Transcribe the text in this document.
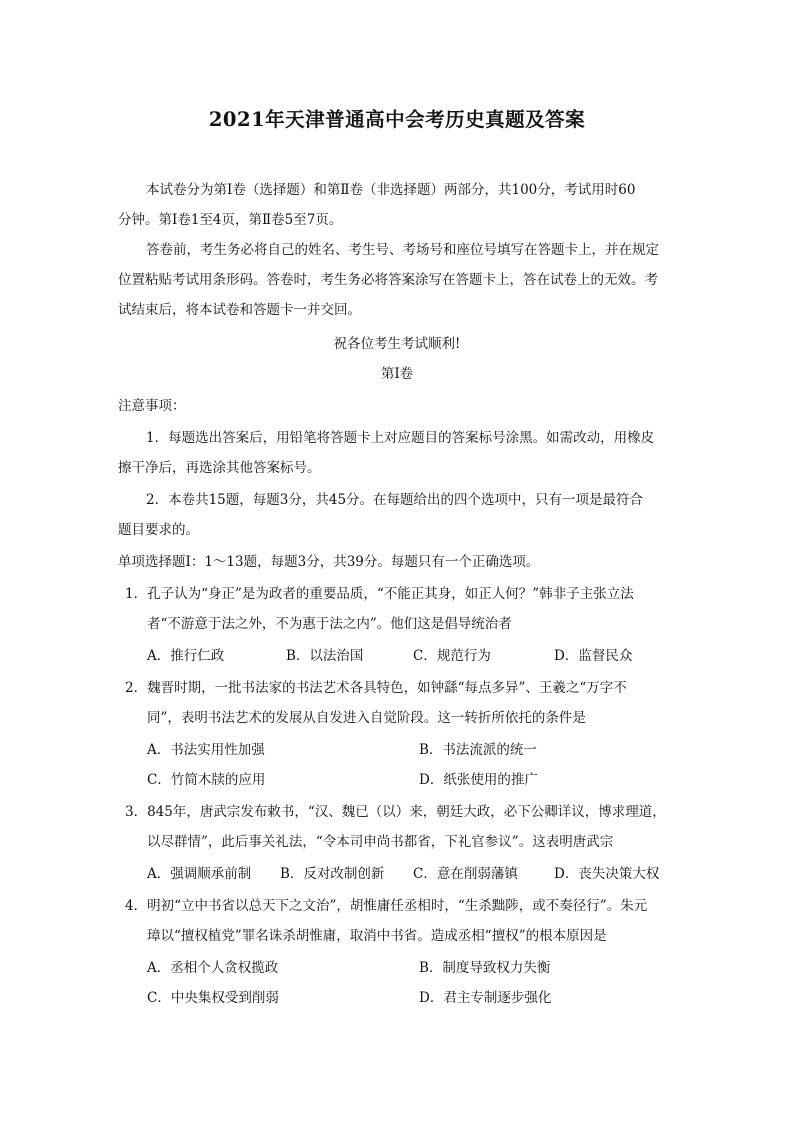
2021年天津普通高中会考历史真题及答案
本试卷分为第Ⅰ卷（选择题）和第Ⅱ卷（非选择题）两部分，共100分，考试用时60
分钟。第Ⅰ卷1至4页，第Ⅱ卷5至7页。
答卷前，考生务必将自己的姓名、考生号、考场号和座位号填写在答题卡上，并在规定
位置粘贴考试用条形码。答卷时，考生务必将答案涂写在答题卡上，答在试卷上的无效。考
试结束后，将本试卷和答题卡一并交回。
祝各位考生考试顺利!
第Ⅰ卷
注意事项：
1．每题选出答案后，用铅笔将答题卡上对应题目的答案标号涂黑。如需改动，用橡皮
擦干净后，再选涂其他答案标号。
2．本卷共15题，每题3分，共45分。在每题给出的四个选项中，只有一项是最符合
题目要求的。
单项选择题Ⅰ：1～13题，每题3分，共39分。每题只有一个正确选项。
1．孔子认为“身正”是为政者的重要品质，“不能正其身，如正人何？”韩非子主张立法
者“不游意于法之外，不为惠于法之内”。他们这是倡导统治者
A．推行仁政	B．以法治国	C．规范行为	D．监督民众
2．魏晋时期，一批书法家的书法艺术各具特色，如钟繇“每点多异”、王羲之“万字不
同”，表明书法艺术的发展从自发进入自觉阶段。这一转折所依托的条件是
A．书法实用性加强	B．书法流派的统一
C．竹简木牍的应用	D．纸张使用的推广
3．845年，唐武宗发布敕书，“汉、魏已（以）来，朝廷大政，必下公卿详议，博求理道，
以尽群情”，此后事关礼法，“令本司申尚书都省，下礼官参议”。这表明唐武宗
A．强调顺承前制 B．反对改制创新 C．意在削弱藩镇	D．丧失决策大权
4．明初“立中书省以总天下之文治”，胡惟庸任丞相时，“生杀黜陟，或不奏径行”。朱元
璋以“擅权植党”罪名诛杀胡惟庸，取消中书省。造成丞相“擅权”的根本原因是
A．丞相个人贪权揽政	B．制度导致权力失衡
C．中央集权受到削弱	D．君主专制逐步强化
